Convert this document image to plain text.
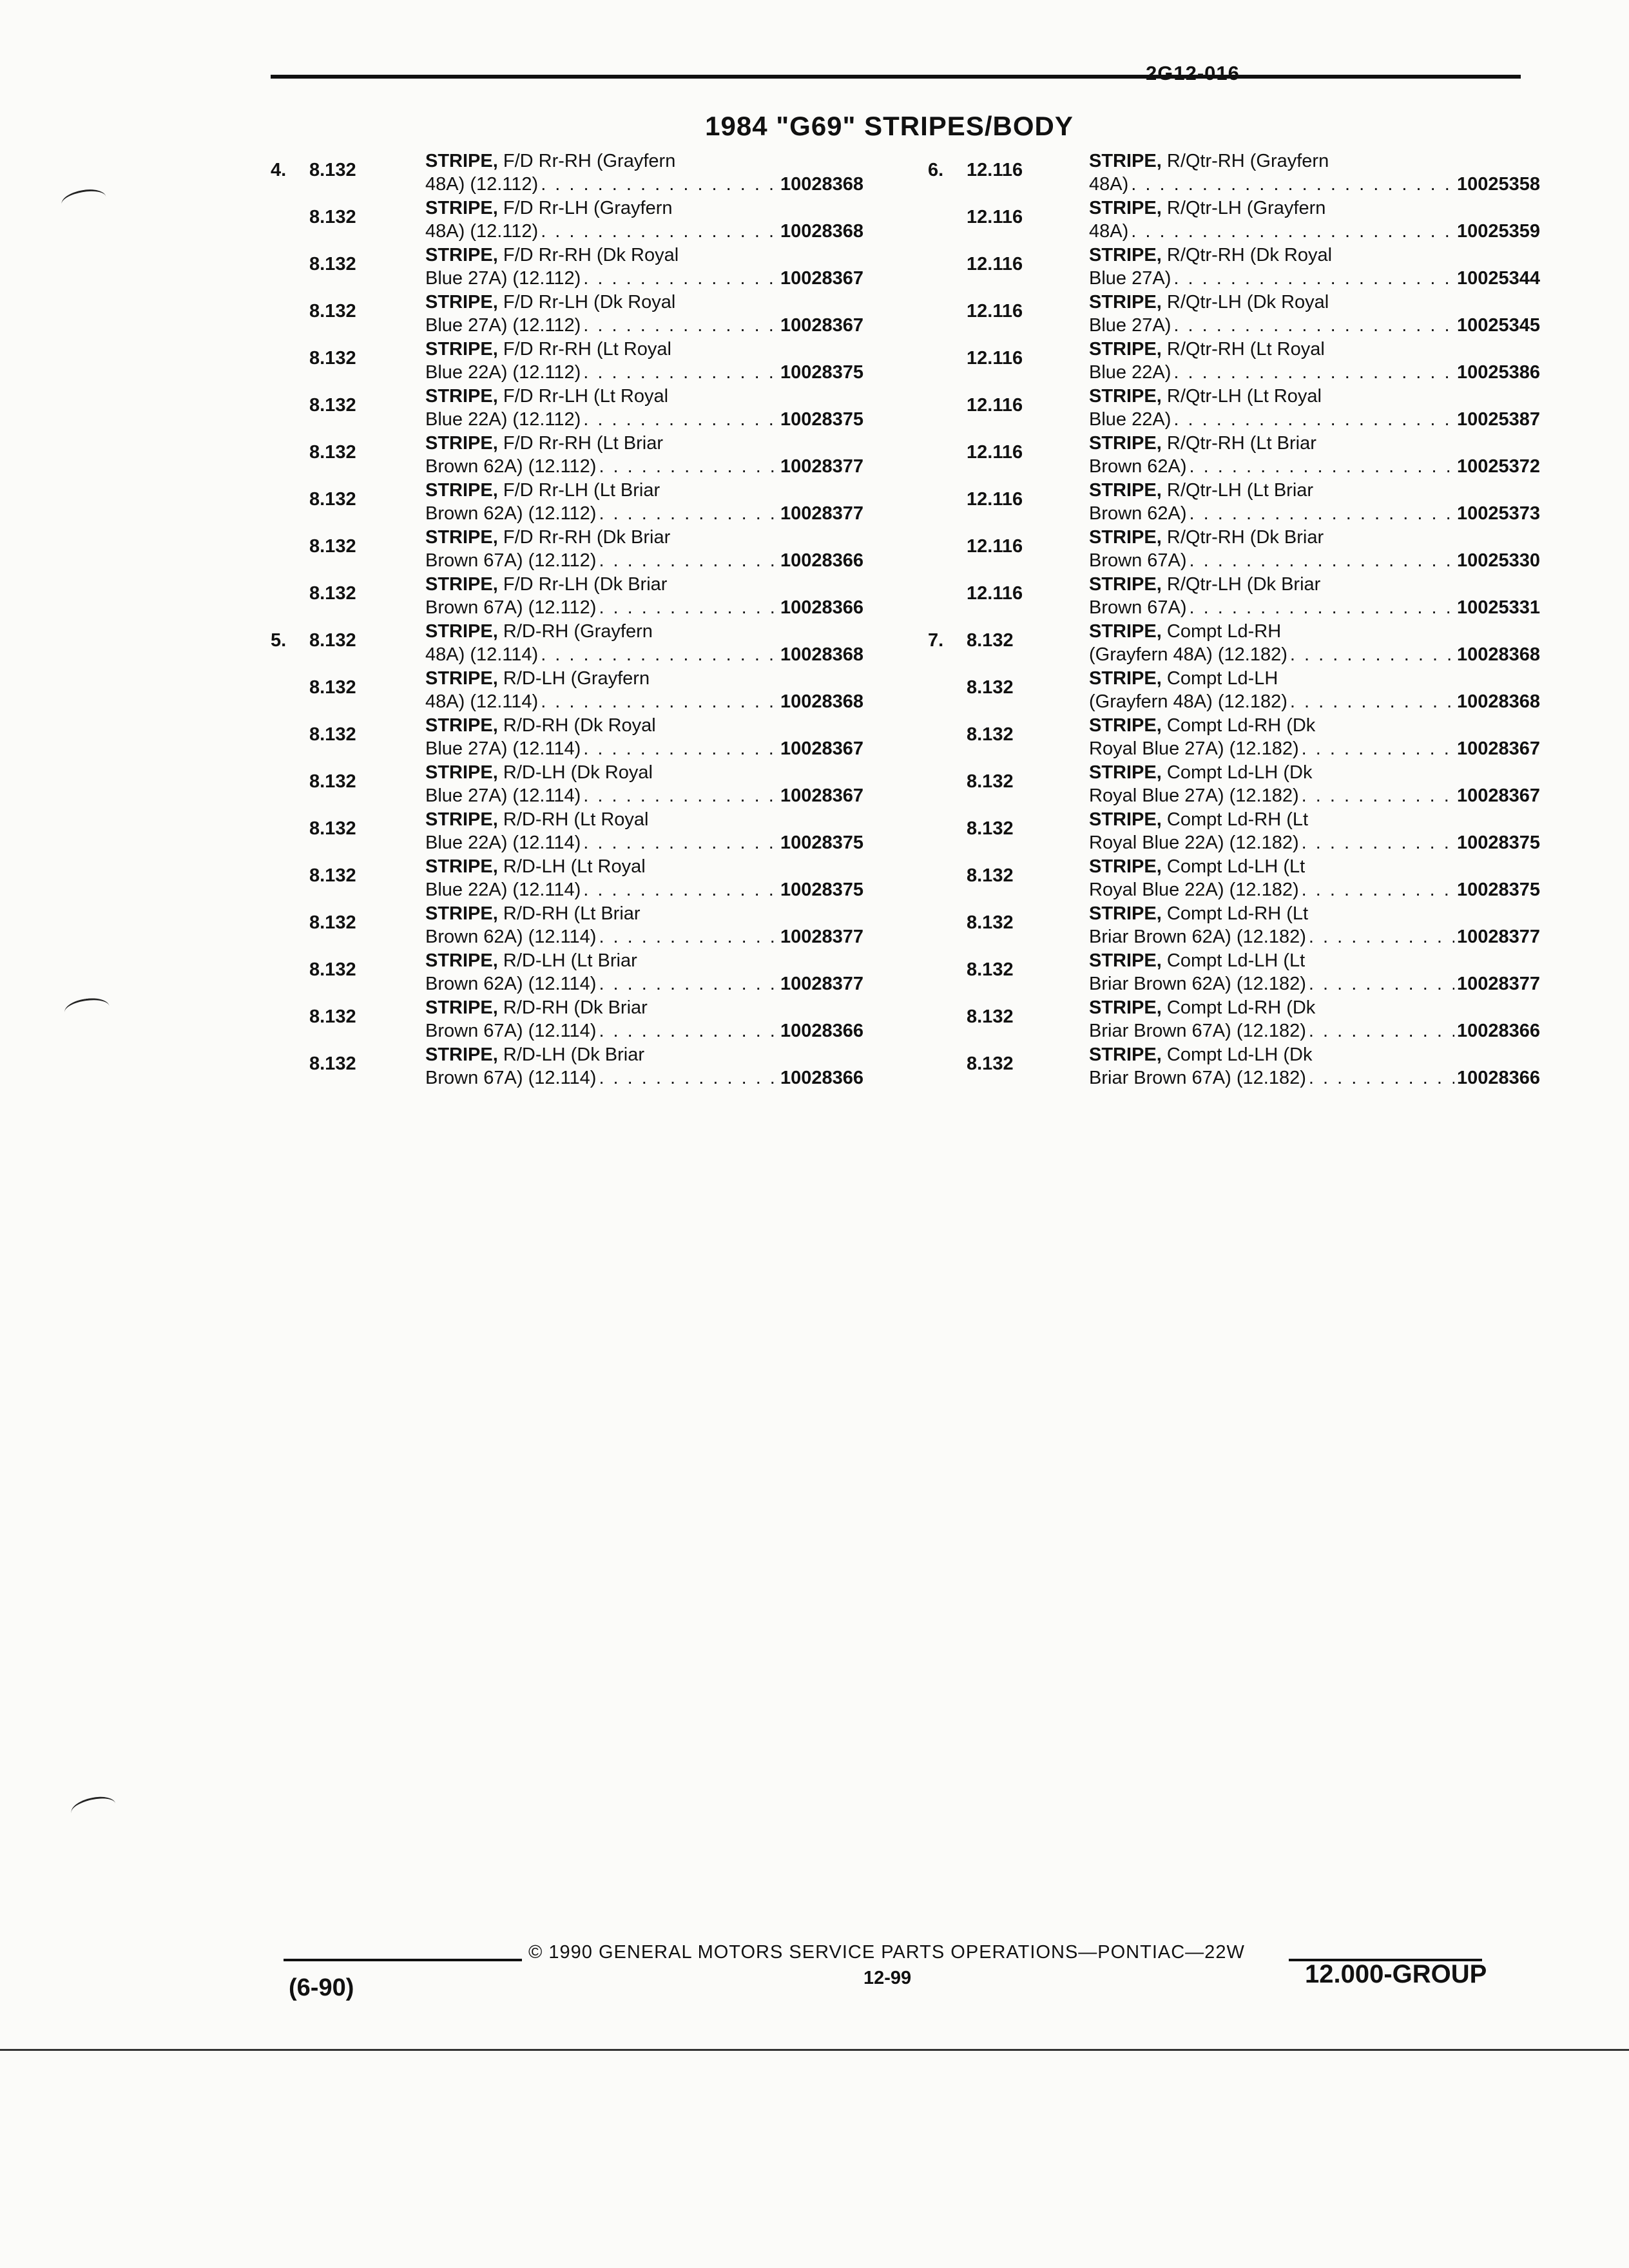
2G12-016
1984 "G69" STRIPES/BODY
4. 8.132	STRIPE, F/D Rr-RH (Grayfern
48A) (12.112) . . .	10028368
8.132	STRIPE, F/D Rr-LH (Grayfern
48A) (12.112) . . .	10028368
8.132	STRIPE, F/D Rr-RH (Dk Royal
Blue 27A) (12.112) . . .	10028367
8.132	STRIPE, F/D Rr-LH (Dk Royal
Blue 27A) (12.112) . . .	10028367
8.132	STRIPE, F/D Rr-RH (Lt Royal
Blue 22A) (12.112) . . .	10028375
8.132	STRIPE, F/D Rr-LH (Lt Royal
Blue 22A) (12.112) . . .	10028375
8.132	STRIPE, F/D Rr-RH (Lt Briar
Brown 62A) (12.112) . . .	10028377
8.132	STRIPE, F/D Rr-LH (Lt Briar
Brown 62A) (12.112) . . .	10028377
8.132	STRIPE, F/D Rr-RH (Dk Briar
Brown 67A) (12.112) . . .	10028366
8.132	STRIPE, F/D Rr-LH (Dk Briar
Brown 67A) (12.112) . . .	10028366
5. 8.132	STRIPE, R/D-RH (Grayfern
48A) (12.114) . . .	10028368
8.132	STRIPE, R/D-LH (Grayfern
48A) (12.114) . . .	10028368
8.132	STRIPE, R/D-RH (Dk Royal
Blue 27A) (12.114) . . .	10028367
8.132	STRIPE, R/D-LH (Dk Royal
Blue 27A) (12.114) . . .	10028367
8.132	STRIPE, R/D-RH (Lt Royal
Blue 22A) (12.114) . . .	10028375
8.132	STRIPE, R/D-LH (Lt Royal
Blue 22A) (12.114) . . .	10028375
8.132	STRIPE, R/D-RH (Lt Briar
Brown 62A) (12.114) . . .	10028377
8.132	STRIPE, R/D-LH (Lt Briar
Brown 62A) (12.114) . . .	10028377
8.132	STRIPE, R/D-RH (Dk Briar
Brown 67A) (12.114) . . .	10028366
8.132	STRIPE, R/D-LH (Dk Briar
Brown 67A) (12.114) . . .	10028366
6. 12.116	STRIPE, R/Qtr-RH (Grayfern
48A) . . .	10025358
12.116	STRIPE, R/Qtr-LH (Grayfern
48A) . . .	10025359
12.116	STRIPE, R/Qtr-RH (Dk Royal
Blue 27A) . . .	10025344
12.116	STRIPE, R/Qtr-LH (Dk Royal
Blue 27A) . . .	10025345
12.116	STRIPE, R/Qtr-RH (Lt Royal
Blue 22A) . . .	10025386
12.116	STRIPE, R/Qtr-LH (Lt Royal
Blue 22A) . . .	10025387
12.116	STRIPE, R/Qtr-RH (Lt Briar
Brown 62A) . . .	10025372
12.116	STRIPE, R/Qtr-LH (Lt Briar
Brown 62A) . . .	10025373
12.116	STRIPE, R/Qtr-RH (Dk Briar
Brown 67A) . . .	10025330
12.116	STRIPE, R/Qtr-LH (Dk Briar
Brown 67A) . . .	10025331
7. 8.132	STRIPE, Compt Ld-RH
(Grayfern 48A) (12.182) . . .	10028368
8.132	STRIPE, Compt Ld-LH
(Grayfern 48A) (12.182) . . .	10028368
8.132	STRIPE, Compt Ld-RH (Dk
Royal Blue 27A) (12.182) . . .	10028367
8.132	STRIPE, Compt Ld-LH (Dk
Royal Blue 27A) (12.182) . . .	10028367
8.132	STRIPE, Compt Ld-RH (Lt
Royal Blue 22A) (12.182) . . .	10028375
8.132	STRIPE, Compt Ld-LH (Lt
Royal Blue 22A) (12.182) . . .	10028375
8.132	STRIPE, Compt Ld-RH (Lt
Briar Brown 62A) (12.182) . . .	10028377
8.132	STRIPE, Compt Ld-LH (Lt
Briar Brown 62A) (12.182) . . .	10028377
8.132	STRIPE, Compt Ld-RH (Dk
Briar Brown 67A) (12.182) . . .	10028366
8.132	STRIPE, Compt Ld-LH (Dk
Briar Brown 67A) (12.182) . . .	10028366
© 1990 GENERAL MOTORS SERVICE PARTS OPERATIONS—PONTIAC—22W
(6-90)	12-99	12.000-GROUP
